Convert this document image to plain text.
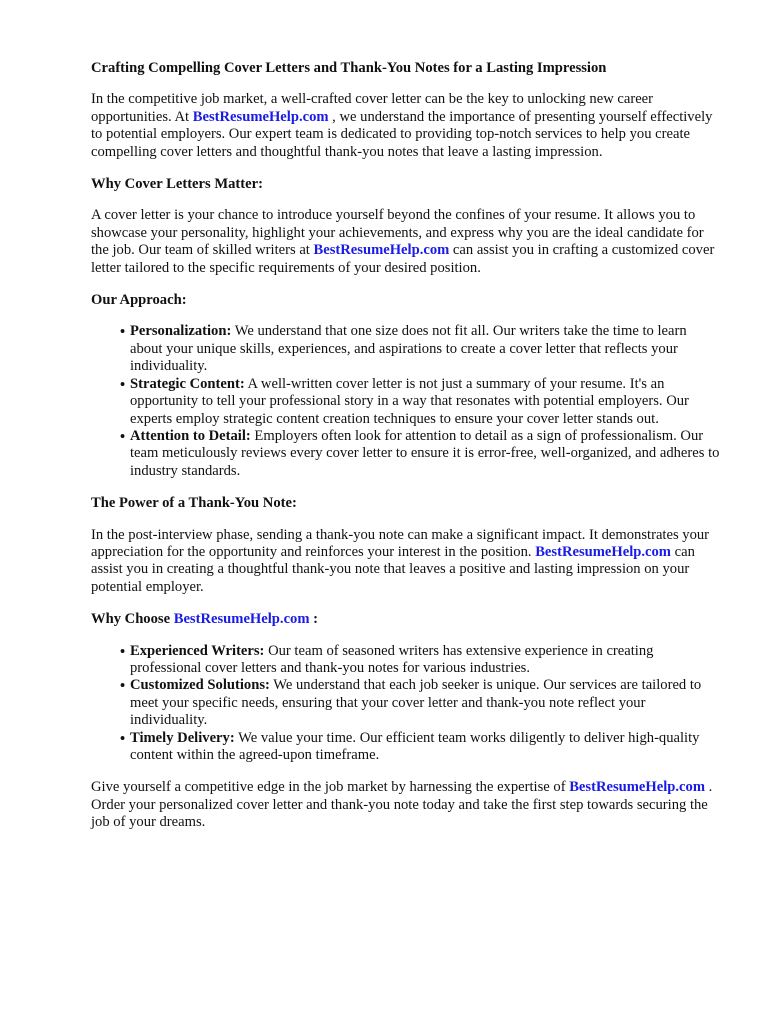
Crafting Compelling Cover Letters and Thank-You Notes for a Lasting Impression

In the competitive job market, a well-crafted cover letter can be the key to unlocking new career opportunities. At BestResumeHelp.com , we understand the importance of presenting yourself effectively to potential employers. Our expert team is dedicated to providing top-notch services to help you create compelling cover letters and thoughtful thank-you notes that leave a lasting impression.

Why Cover Letters Matter:

A cover letter is your chance to introduce yourself beyond the confines of your resume. It allows you to showcase your personality, highlight your achievements, and express why you are the ideal candidate for the job. Our team of skilled writers at BestResumeHelp.com can assist you in crafting a customized cover letter tailored to the specific requirements of your desired position.

Our Approach:
• Personalization: We understand that one size does not fit all. Our writers take the time to learn about your unique skills, experiences, and aspirations to create a cover letter that reflects your individuality.
• Strategic Content: A well-written cover letter is not just a summary of your resume. It's an opportunity to tell your professional story in a way that resonates with potential employers. Our experts employ strategic content creation techniques to ensure your cover letter stands out.
• Attention to Detail: Employers often look for attention to detail as a sign of professionalism. Our team meticulously reviews every cover letter to ensure it is error-free, well-organized, and adheres to industry standards.
The Power of a Thank-You Note:

In the post-interview phase, sending a thank-you note can make a significant impact. It demonstrates your appreciation for the opportunity and reinforces your interest in the position. BestResumeHelp.com can assist you in creating a thoughtful thank-you note that leaves a positive and lasting impression on your potential employer.

Why Choose BestResumeHelp.com :
• Experienced Writers: Our team of seasoned writers has extensive experience in creating professional cover letters and thank-you notes for various industries.
• Customized Solutions: We understand that each job seeker is unique. Our services are tailored to meet your specific needs, ensuring that your cover letter and thank-you note reflect your individuality.
• Timely Delivery: We value your time. Our efficient team works diligently to deliver high-quality content within the agreed-upon timeframe.

Give yourself a competitive edge in the job market by harnessing the expertise of BestResumeHelp.com . Order your personalized cover letter and thank-you note today and take the first step towards securing the job of your dreams.
